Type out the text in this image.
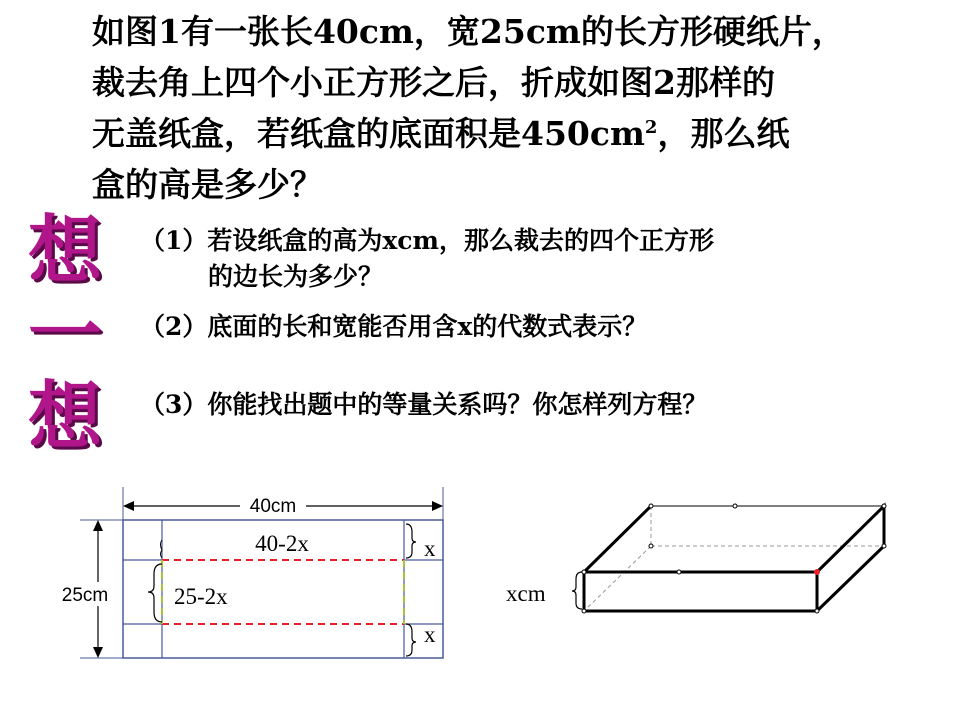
如图1有一张长40cm，宽25cm的长方形硬纸片，

裁去角上四个小正方形之后，折成如图2那样的

无盖纸盒，若纸盒的底面积是$450cm^2$，那么纸

盒的高是多少？

想
一
想
（1）若设纸盒的高为xcm，那么裁去的四个正方形
的边长为多少？
（2）底面的长和宽能否用含x的代数式表示？
（3）你能找出题中的等量关系吗？你怎样列方程？
40cm
25cm
40-2x
25-2x
x
x
xcm
